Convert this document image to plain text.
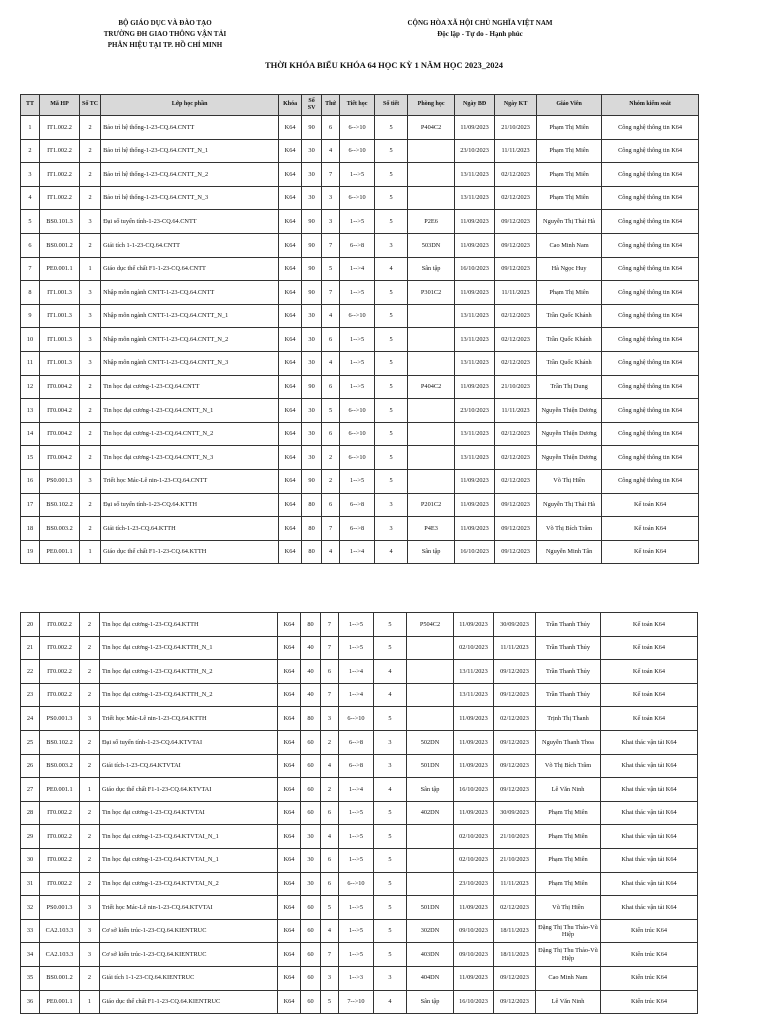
BỘ GIÁO DỤC VÀ ĐÀO TẠO
TRƯỜNG ĐH GIAO THÔNG VẬN TẢI
PHÂN HIỆU TẠI TP. HỒ CHÍ MINH
CỘNG HÒA XÃ HỘI CHỦ NGHĨA VIỆT NAM
Độc lập - Tự do - Hạnh phúc
THỜI KHÓA BIỂU KHÓA 64 HỌC KỲ 1 NĂM HỌC 2023_2024
TT	Mã HP	Số TC	Lớp học phần	Khóa	Số SV	Thứ	Tiết học	Số tiết	Phòng học	Ngày BĐ	Ngày KT	Giáo Viên	Nhóm kiểm soát
1	IT1.002.2	2	Bảo trì hệ thống-1-23-CQ.64.CNTT	K64	90	6	6-->10	5	P404C2	11/09/2023	21/10/2023	Phạm Thị Miên	Công nghệ thông tin K64
2	IT1.002.2	2	Bảo trì hệ thống-1-23-CQ.64.CNTT_N_1	K64	30	4	6-->10	5		23/10/2023	11/11/2023	Phạm Thị Miên	Công nghệ thông tin K64
3	IT1.002.2	2	Bảo trì hệ thống-1-23-CQ.64.CNTT_N_2	K64	30	7	1-->5	5		13/11/2023	02/12/2023	Phạm Thị Miên	Công nghệ thông tin K64
4	IT1.002.2	2	Bảo trì hệ thống-1-23-CQ.64.CNTT_N_3	K64	30	3	6-->10	5		13/11/2023	02/12/2023	Phạm Thị Miên	Công nghệ thông tin K64
5	BS0.101.3	3	Đại số tuyến tính-1-23-CQ.64.CNTT	K64	90	3	1-->5	5	P2E6	11/09/2023	09/12/2023	Nguyễn Thị Thái Hà	Công nghệ thông tin K64
6	BS0.001.2	2	Giải tích 1-1-23-CQ.64.CNTT	K64	90	7	6-->8	3	503DN	11/09/2023	09/12/2023	Cao Minh Nam	Công nghệ thông tin K64
7	PE0.001.1	1	Giáo dục thể chất F1-1-23-CQ.64.CNTT	K64	90	5	1-->4	4	Sân tập	16/10/2023	09/12/2023	Hà Ngọc Huy	Công nghệ thông tin K64
8	IT1.001.3	3	Nhập môn ngành CNTT-1-23-CQ.64.CNTT	K64	90	7	1-->5	5	P301C2	11/09/2023	11/11/2023	Phạm Thị Miên	Công nghệ thông tin K64
9	IT1.001.3	3	Nhập môn ngành CNTT-1-23-CQ.64.CNTT_N_1	K64	30	4	6-->10	5		13/11/2023	02/12/2023	Trần Quốc Khánh	Công nghệ thông tin K64
10	IT1.001.3	3	Nhập môn ngành CNTT-1-23-CQ.64.CNTT_N_2	K64	30	6	1-->5	5		13/11/2023	02/12/2023	Trần Quốc Khánh	Công nghệ thông tin K64
11	IT1.001.3	3	Nhập môn ngành CNTT-1-23-CQ.64.CNTT_N_3	K64	30	4	1-->5	5		13/11/2023	02/12/2023	Trần Quốc Khánh	Công nghệ thông tin K64
12	IT0.004.2	2	Tin học đại cương-1-23-CQ.64.CNTT	K64	90	6	1-->5	5	P404C2	11/09/2023	21/10/2023	Trần Thị Dung	Công nghệ thông tin K64
13	IT0.004.2	2	Tin học đại cương-1-23-CQ.64.CNTT_N_1	K64	30	5	6-->10	5		23/10/2023	11/11/2023	Nguyễn Thiện Dương	Công nghệ thông tin K64
14	IT0.004.2	2	Tin học đại cương-1-23-CQ.64.CNTT_N_2	K64	30	6	6-->10	5		13/11/2023	02/12/2023	Nguyễn Thiện Dương	Công nghệ thông tin K64
15	IT0.004.2	2	Tin học đại cương-1-23-CQ.64.CNTT_N_3	K64	30	2	6-->10	5		13/11/2023	02/12/2023	Nguyễn Thiện Dương	Công nghệ thông tin K64
16	PS0.001.3	3	Triết học Mác-Lê nin-1-23-CQ.64.CNTT	K64	90	2	1-->5	5		11/09/2023	02/12/2023	Võ Thị Hiền	Công nghệ thông tin K64
17	BS0.102.2	2	Đại số tuyến tính-1-23-CQ.64.KTTH	K64	80	6	6-->8	3	P201C2	11/09/2023	09/12/2023	Nguyễn Thị Thái Hà	Kế toán K64
18	BS0.003.2	2	Giải tích-1-23-CQ.64.KTTH	K64	80	7	6-->8	3	P4E3	11/09/2023	09/12/2023	Võ Thị Bích Trâm	Kế toán K64
19	PE0.001.1	1	Giáo dục thể chất F1-1-23-CQ.64.KTTH	K64	80	4	1-->4	4	Sân tập	16/10/2023	09/12/2023	Nguyễn Minh Tân	Kế toán K64
20	IT0.002.2	2	Tin học đại cương-1-23-CQ.64.KTTH	K64	80	7	1-->5	5	P504C2	11/09/2023	30/09/2023	Trần Thanh Thủy	Kế toán K64
21	IT0.002.2	2	Tin học đại cương-1-23-CQ.64.KTTH_N_1	K64	40	7	1-->5	5		02/10/2023	11/11/2023	Trần Thanh Thủy	Kế toán K64
22	IT0.002.2	2	Tin học đại cương-1-23-CQ.64.KTTH_N_2	K64	40	6	1-->4	4		13/11/2023	09/12/2023	Trần Thanh Thủy	Kế toán K64
23	IT0.002.2	2	Tin học đại cương-1-23-CQ.64.KTTH_N_2	K64	40	7	1-->4	4		13/11/2023	09/12/2023	Trần Thanh Thủy	Kế toán K64
24	PS0.001.3	3	Triết học Mác-Lê nin-1-23-CQ.64.KTTH	K64	80	3	6-->10	5		11/09/2023	02/12/2023	Trịnh Thị Thanh	Kế toán K64
25	BS0.102.2	2	Đại số tuyến tính-1-23-CQ.64.KTVTAI	K64	60	2	6-->8	3	502DN	11/09/2023	09/12/2023	Nguyễn Thanh Thoa	Khai thác vận tải K64
26	BS0.003.2	2	Giải tích-1-23-CQ.64.KTVTAI	K64	60	4	6-->8	3	501DN	11/09/2023	09/12/2023	Võ Thị Bích Trâm	Khai thác vận tải K64
27	PE0.001.1	1	Giáo dục thể chất F1-1-23-CQ.64.KTVTAI	K64	60	2	1-->4	4	Sân tập	16/10/2023	09/12/2023	Lê Văn Ninh	Khai thác vận tải K64
28	IT0.002.2	2	Tin học đại cương-1-23-CQ.64.KTVTAI	K64	60	6	1-->5	5	402DN	11/09/2023	30/09/2023	Phạm Thị Miên	Khai thác vận tải K64
29	IT0.002.2	2	Tin học đại cương-1-23-CQ.64.KTVTAI_N_1	K64	30	4	1-->5	5		02/10/2023	21/10/2023	Phạm Thị Miên	Khai thác vận tải K64
30	IT0.002.2	2	Tin học đại cương-1-23-CQ.64.KTVTAI_N_1	K64	30	6	1-->5	5		02/10/2023	21/10/2023	Phạm Thị Miên	Khai thác vận tải K64
31	IT0.002.2	2	Tin học đại cương-1-23-CQ.64.KTVTAI_N_2	K64	30	6	6-->10	5		23/10/2023	11/11/2023	Phạm Thị Miên	Khai thác vận tải K64
32	PS0.001.3	3	Triết học Mác-Lê nin-1-23-CQ.64.KTVTAI	K64	60	5	1-->5	5	501DN	11/09/2023	02/12/2023	Vũ Thị Hiền	Khai thác vận tải K64
33	CA2.103.3	3	Cơ sở kiến trúc-1-23-CQ.64.KIENTRUC	K64	60	4	1-->5	5	302DN	09/10/2023	18/11/2023	Đặng Thị Thu Thảo-Vũ Hiệp	Kiến trúc K64
34	CA2.103.3	3	Cơ sở kiến trúc-1-23-CQ.64.KIENTRUC	K64	60	7	1-->5	5	403DN	09/10/2023	18/11/2023	Đặng Thị Thu Thảo-Vũ Hiệp	Kiến trúc K64
35	BS0.001.2	2	Giải tích 1-1-23-CQ.64.KIENTRUC	K64	60	3	1-->3	3	404DN	11/09/2023	09/12/2023	Cao Minh Nam	Kiến trúc K64
36	PE0.001.1	1	Giáo dục thể chất F1-1-23-CQ.64.KIENTRUC	K64	60	5	7-->10	4	Sân tập	16/10/2023	09/12/2023	Lê Văn Ninh	Kiến trúc K64
